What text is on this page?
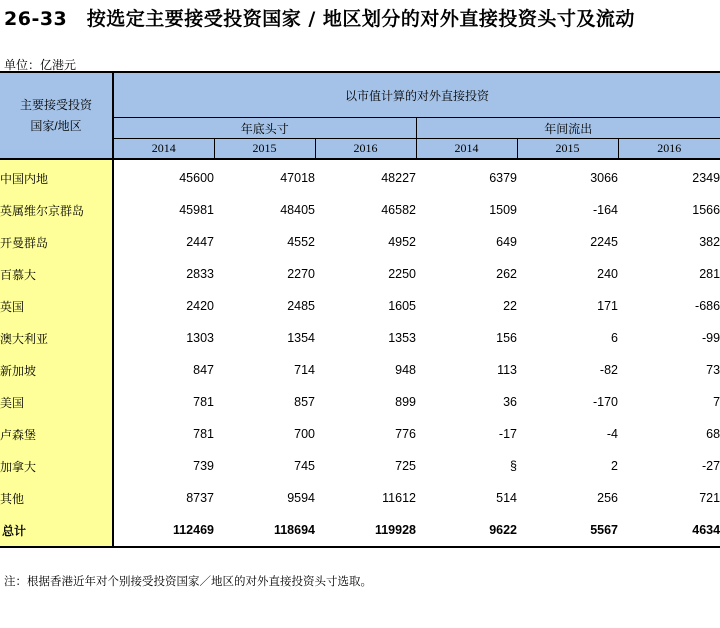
26-33　按选定主要接受投资国家 / 地区划分的对外直接投资头寸及流动
单位：亿港元
主要接受投资
国家/地区	以市值计算的对外直接投资					
	年底头寸			年间流出		
	2014	2015	2016	2014	2015	2016
中国内地	45600	47018	48227	6379	3066	2349
英属维尔京群岛	45981	48405	46582	1509	-164	1566
开曼群岛	2447	4552	4952	649	2245	382
百慕大	2833	2270	2250	262	240	281
英国	2420	2485	1605	22	171	-686
澳大利亚	1303	1354	1353	156	6	-99
新加坡	847	714	948	113	-82	73
美国	781	857	899	36	-170	7
卢森堡	781	700	776	-17	-4	68
加拿大	739	745	725	§	2	-27
其他	8737	9594	11612	514	256	721
总计	112469	118694	119928	9622	5567	4634
注：根据香港近年对个别接受投资国家／地区的对外直接投资头寸选取。
